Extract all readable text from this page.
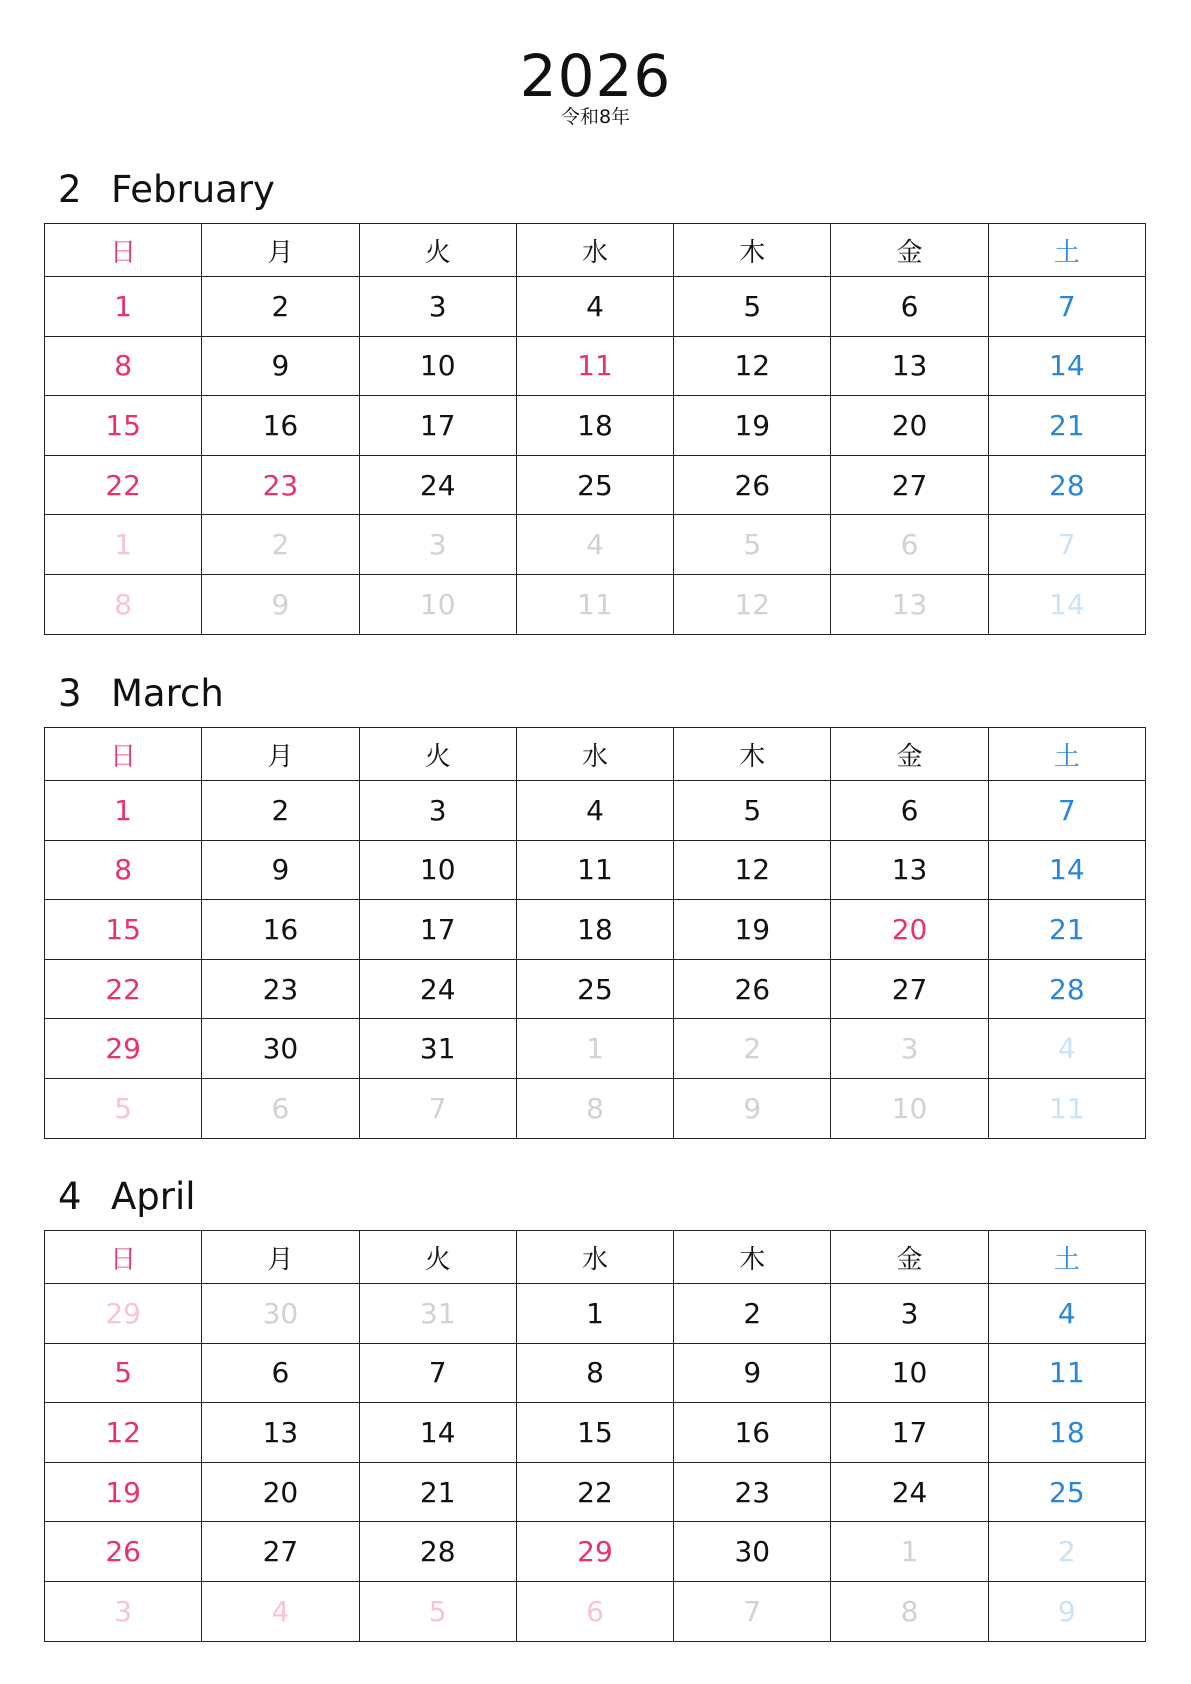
2026
令和8年
2 February
日	月	火	水	木	金	土
1	2	3	4	5	6	7
8	9	10	11	12	13	14
15	16	17	18	19	20	21
22	23	24	25	26	27	28
1	2	3	4	5	6	7
8	9	10	11	12	13	14
3 March
日	月	火	水	木	金	土
1	2	3	4	5	6	7
8	9	10	11	12	13	14
15	16	17	18	19	20	21
22	23	24	25	26	27	28
29	30	31	1	2	3	4
5	6	7	8	9	10	11
4 April
日	月	火	水	木	金	土
29	30	31	1	2	3	4
5	6	7	8	9	10	11
12	13	14	15	16	17	18
19	20	21	22	23	24	25
26	27	28	29	30	1	2
3	4	5	6	7	8	9
